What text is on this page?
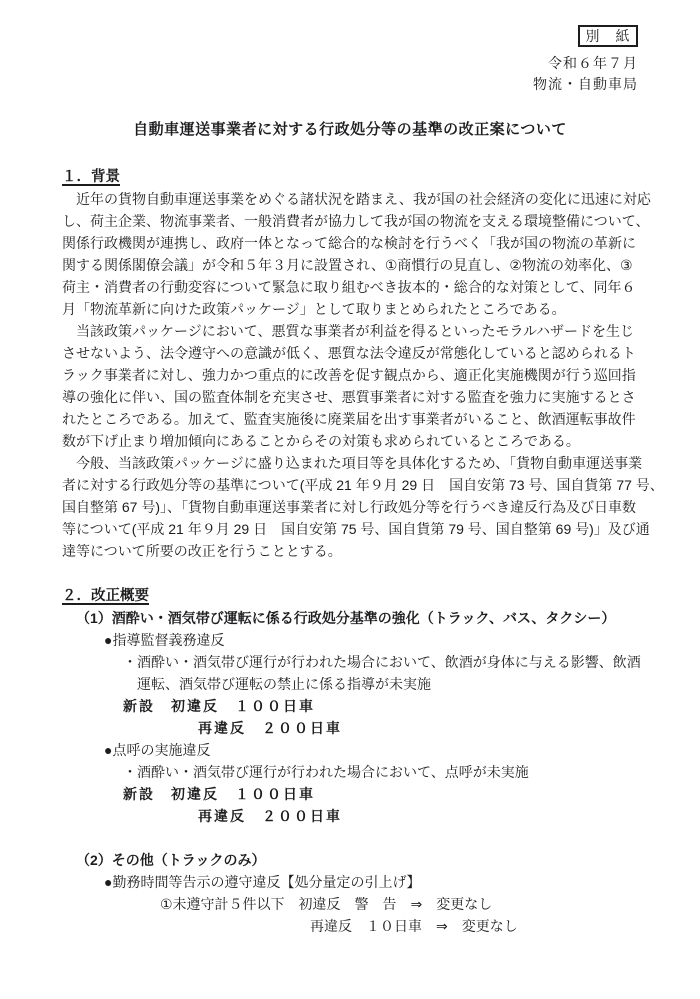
別　紙
令和６年７月
物流・自動車局
自動車運送事業者に対する行政処分等の基準の改正案について
１．背景

　近年の貨物自動車運送事業をめぐる諸状況を踏まえ、我が国の社会経済の変化に迅速に対応

し、荷主企業、物流事業者、一般消費者が協力して我が国の物流を支える環境整備について、

関係行政機関が連携し、政府一体となって総合的な検討を行うべく「我が国の物流の革新に

関する関係閣僚会議」が令和５年３月に設置され、①商慣行の見直し、②物流の効率化、③

荷主・消費者の行動変容について緊急に取り組むべき抜本的・総合的な対策として、同年６

月「物流革新に向けた政策パッケージ」として取りまとめられたところである。

　当該政策パッケージにおいて、悪質な事業者が利益を得るといったモラルハザードを生じ

させないよう、法令遵守への意識が低く、悪質な法令違反が常態化していると認められるト

ラック事業者に対し、強力かつ重点的に改善を促す観点から、適正化実施機関が行う巡回指

導の強化に伴い、国の監査体制を充実させ、悪質事業者に対する監査を強力に実施するとさ

れたところである。加えて、監査実施後に廃業届を出す事業者がいること、飲酒運転事故件

数が下げ止まり増加傾向にあることからその対策も求められているところである。

　今般、当該政策パッケージに盛り込まれた項目等を具体化するため、「貨物自動車運送事業

者に対する行政処分等の基準について(平成 21 年９月 29 日　国自安第 73 号、国自貨第 77 号、

国自整第 67 号)」、「貨物自動車運送事業者に対し行政処分等を行うべき違反行為及び日車数

等について(平成 21 年９月 29 日　国自安第 75 号、国自貨第 79 号、国自整第 69 号)」及び通

達等について所要の改正を行うこととする。

２．改正概要
（1）酒酔い・酒気帯び運転に係る行政処分基準の強化（トラック、バス、タクシー）
●指導監督義務違反
・酒酔い・酒気帯び運行が行われた場合において、飲酒が身体に与える影響、飲酒
運転、酒気帯び運転の禁止に係る指導が未実施
新設　初違反　１００日車
再違反　２００日車
●点呼の実施違反
・酒酔い・酒気帯び運行が行われた場合において、点呼が未実施
新設　初違反　１００日車
再違反　２００日車
（2）その他（トラックのみ）
●勤務時間等告示の遵守違反【処分量定の引上げ】
①未遵守計５件以下　初違反　警　告　⇒　変更なし
再違反　１０日車　⇒　変更なし
